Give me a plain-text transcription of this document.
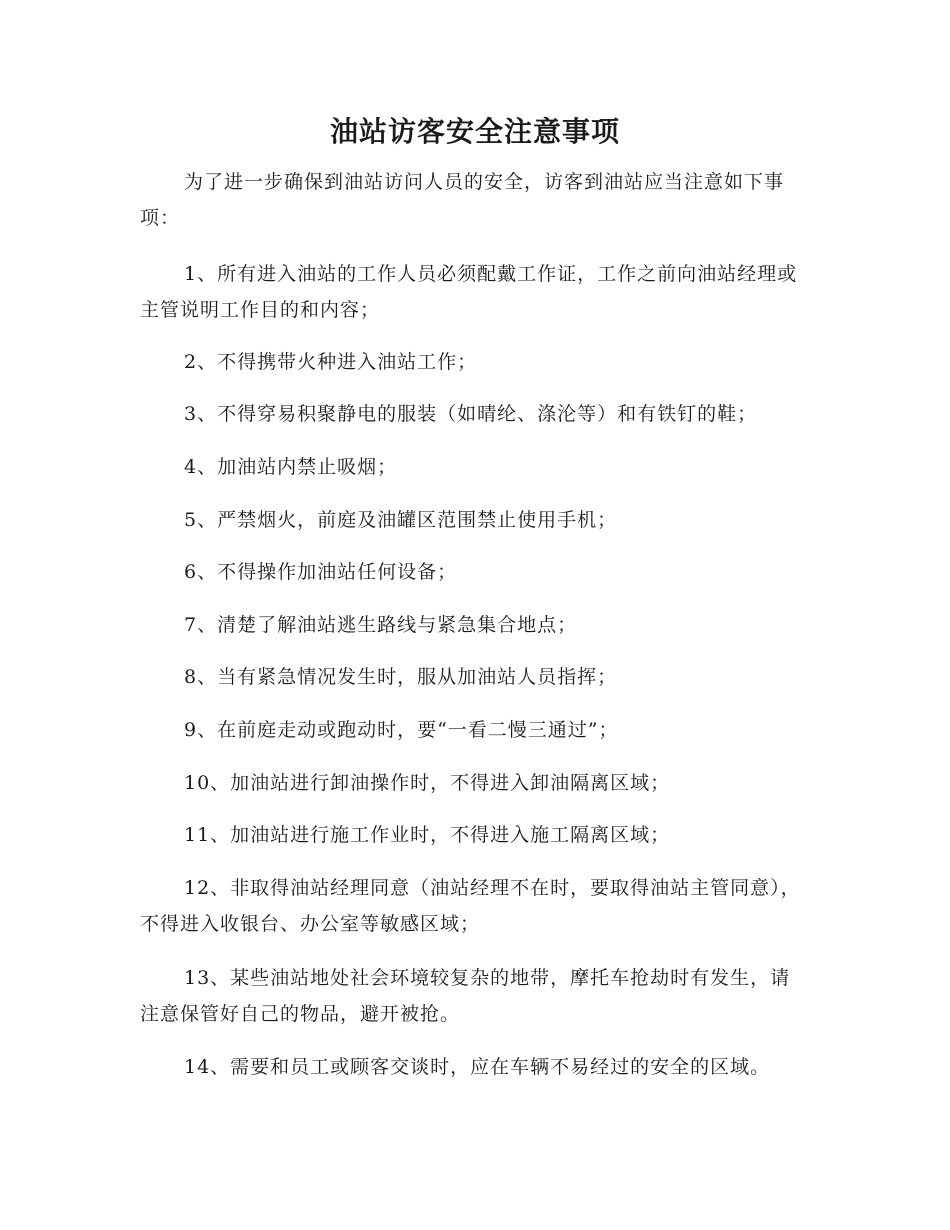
油站访客安全注意事项
为了进一步确保到油站访问人员的安全，访客到油站应当注意如下事项：
1、所有进入油站的工作人员必须配戴工作证，工作之前向油站经理或主管说明工作目的和内容；
2、不得携带火种进入油站工作；
3、不得穿易积聚静电的服装（如晴纶、涤沦等）和有铁钉的鞋；
4、加油站内禁止吸烟；
5、严禁烟火，前庭及油罐区范围禁止使用手机；
6、不得操作加油站任何设备；
7、清楚了解油站逃生路线与紧急集合地点；
8、当有紧急情况发生时，服从加油站人员指挥；
9、在前庭走动或跑动时，要“一看二慢三通过”；
10、加油站进行卸油操作时，不得进入卸油隔离区域；
11、加油站进行施工作业时，不得进入施工隔离区域；
12、非取得油站经理同意（油站经理不在时，要取得油站主管同意），不得进入收银台、办公室等敏感区域；
13、某些油站地处社会环境较复杂的地带，摩托车抢劫时有发生，请注意保管好自己的物品，避开被抢。
14、需要和员工或顾客交谈时，应在车辆不易经过的安全的区域。
